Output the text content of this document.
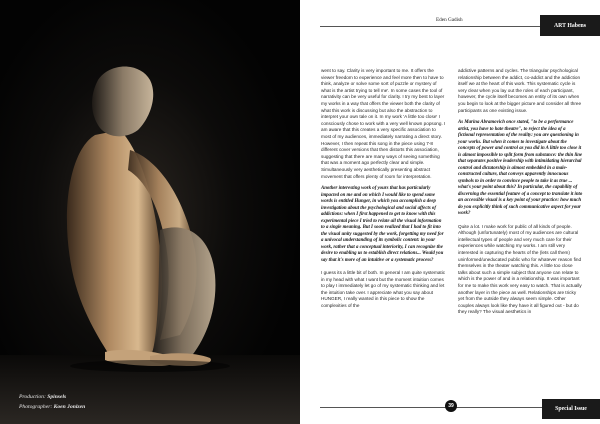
Production: Spinsels
Photographer: Koen Jonizen
Eden Gadish
ART Habens

went to say. Clarity is very important to me. It offers the viewer freedom to experience and feel more then to have to think, analyze or solve some sort of puzzle or mystery of what is the artist trying to tell me'. In some cases the tool of narrativity can be very useful for clarity. I try my best to layer my works in a way that offers the viewer both the clarity of what this work is discussing but also the abstraction to interpret your own tale on it. In my work 'A little too close' I consciously chose to work with a very well known popsong. I am aware that this creates a very specific association to most of my audiences, immediately narrating a direct story. However, I then repeat this song in the piece using 7-8 different cover versions that then distorts this association, suggesting that there are many ways of seeing something that was a moment ago perfectly clear and simple. Simultaneously very aesthetically presenting abstract movement that offers plenty of room for interpretation.

Another interesting work of yours that has particularly impacted on me and on which I would like to spend some words is entitled Hunger, in which you accomplish a deep investigation about the psychological and social affects of addictions: when I first happened to get to know with this experimental piece I tried to relate all the visual information to a single meaning. But I soon realized that I had to fit into the visual unity suggested by the work, forgetting my need for a univocal understanding of its symbolic content: in your work, rather that a conceptual interiority, I can recognize the desire to enabling us to establish direct relations... Would you say that it's more of an intuitive or a systematic process?

I guess its a little bit of both. In general I am quite systematic in my head with what I want but the moment intuition comes to play I immediately let go of my systematic thinking and let the intuition take over. I appreciate what you say about HUNGER, I really wanted in this piece to show the complexities of the

addictive patterns and cycles. The triangular psychological relationship between the addict, co-addict and the addiction itself we at the heart of this work. This systematic cycle is very clear when you lay out the roles of each participant, however, the cycle itself becomes an entity of its own when you begin to look at the bigger picture and consider all three participants as one existing issue.

As Marina Abramovich once stated, "to be a performance artist, you have to hate theatre", to reject the idea of a fictional representation of the reality: you are questioning in your works. But when it comes to investigate about the concepts of power and control as you did in A little too close it is almost impossible to split form from substance: the thin line that separates positive leadership with intimidating hierarchal control and dictatorship is almost embedded in a male-constructed culture, that conveys apparently innocuous symbols to in order to convince people to take it as true ... what's your point about this? In particular, the capability of discerning the essential feature of a concept to translate it into an accessible visual is a key point of your practice: how much do you explicitly think of such communicative aspect for your work?

Quite a lot. I make work for public of all kinds of people. Although (unfortunately) most of my audiences are cultural intellectual types of people and very much care for their experiences while watching my works. I am still very interested in capturing the hearts of the (lets call them) uninformed/uneducated public who for whatever reason find themselves in the theater watching this. A little too close talks about such a simple subject that anyone can relate to which is the power of and in a relationship. It was important for me to make this work very easy to watch. That is actually another layer in the piece as well. Relationships are tricky yet from the outside they always seem simple. Other couples always look like they have it all figured out - but do they really? The visual aesthetics in

39	Special Issue
